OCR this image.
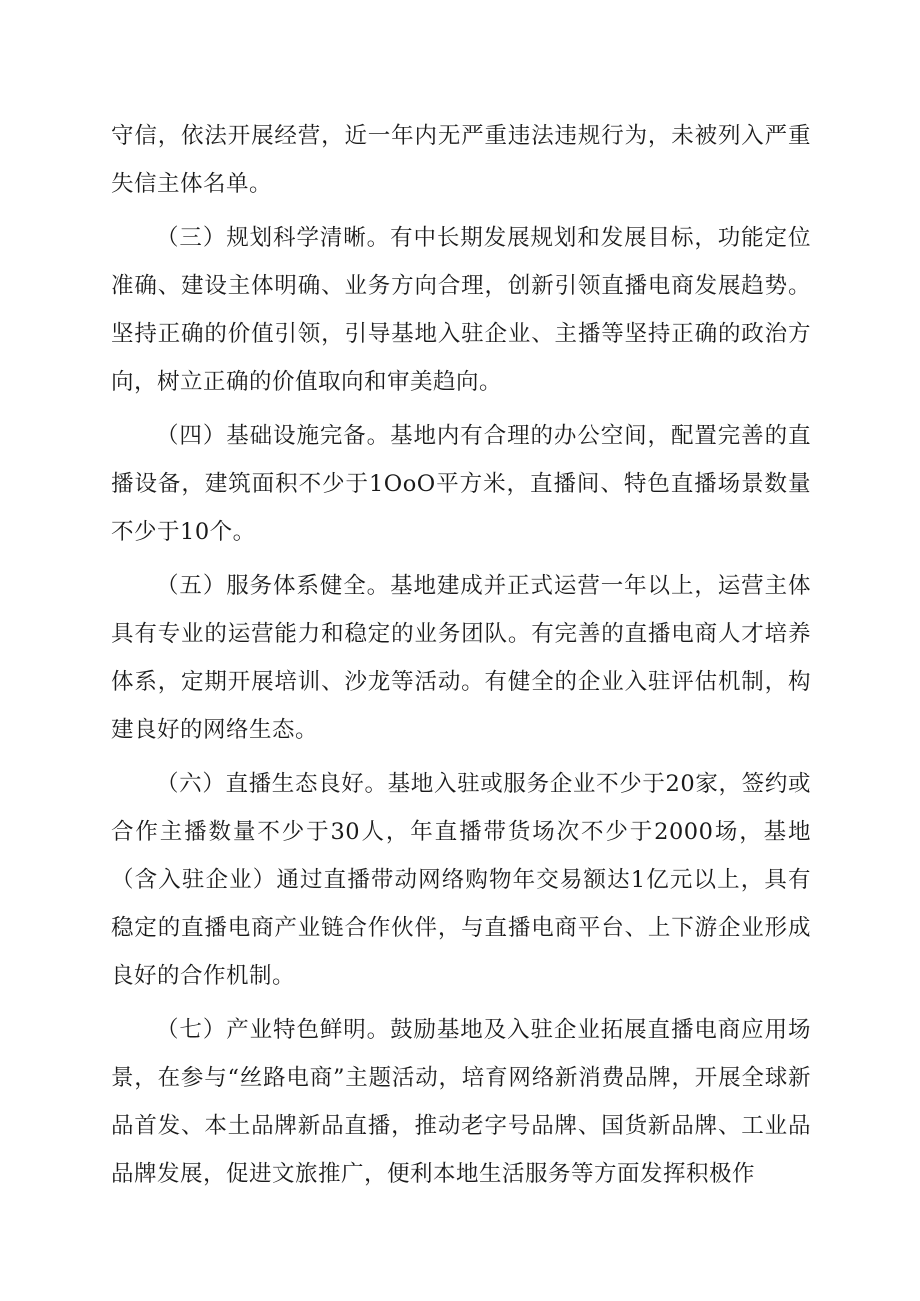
守信，依法开展经营，近一年内无严重违法违规行为，未被列入严重失信主体名单。

（三）规划科学清晰。有中长期发展规划和发展目标，功能定位准确、建设主体明确、业务方向合理，创新引领直播电商发展趋势。坚持正确的价值引领，引导基地入驻企业、主播等坚持正确的政治方向，树立正确的价值取向和审美趋向。

（四）基础设施完备。基地内有合理的办公空间，配置完善的直播设备，建筑面积不少于1OoO平方米，直播间、特色直播场景数量不少于10个。

（五）服务体系健全。基地建成并正式运营一年以上，运营主体具有专业的运营能力和稳定的业务团队。有完善的直播电商人才培养体系，定期开展培训、沙龙等活动。有健全的企业入驻评估机制，构建良好的网络生态。

（六）直播生态良好。基地入驻或服务企业不少于20家，签约或合作主播数量不少于30人，年直播带货场次不少于2000场，基地（含入驻企业）通过直播带动网络购物年交易额达1亿元以上，具有稳定的直播电商产业链合作伙伴，与直播电商平台、上下游企业形成良好的合作机制。

（七）产业特色鲜明。鼓励基地及入驻企业拓展直播电商应用场景，在参与“丝路电商”主题活动，培育网络新消费品牌，开展全球新品首发、本土品牌新品直播，推动老字号品牌、国货新品牌、工业品品牌发展，促进文旅推广，便利本地生活服务等方面发挥积极作
